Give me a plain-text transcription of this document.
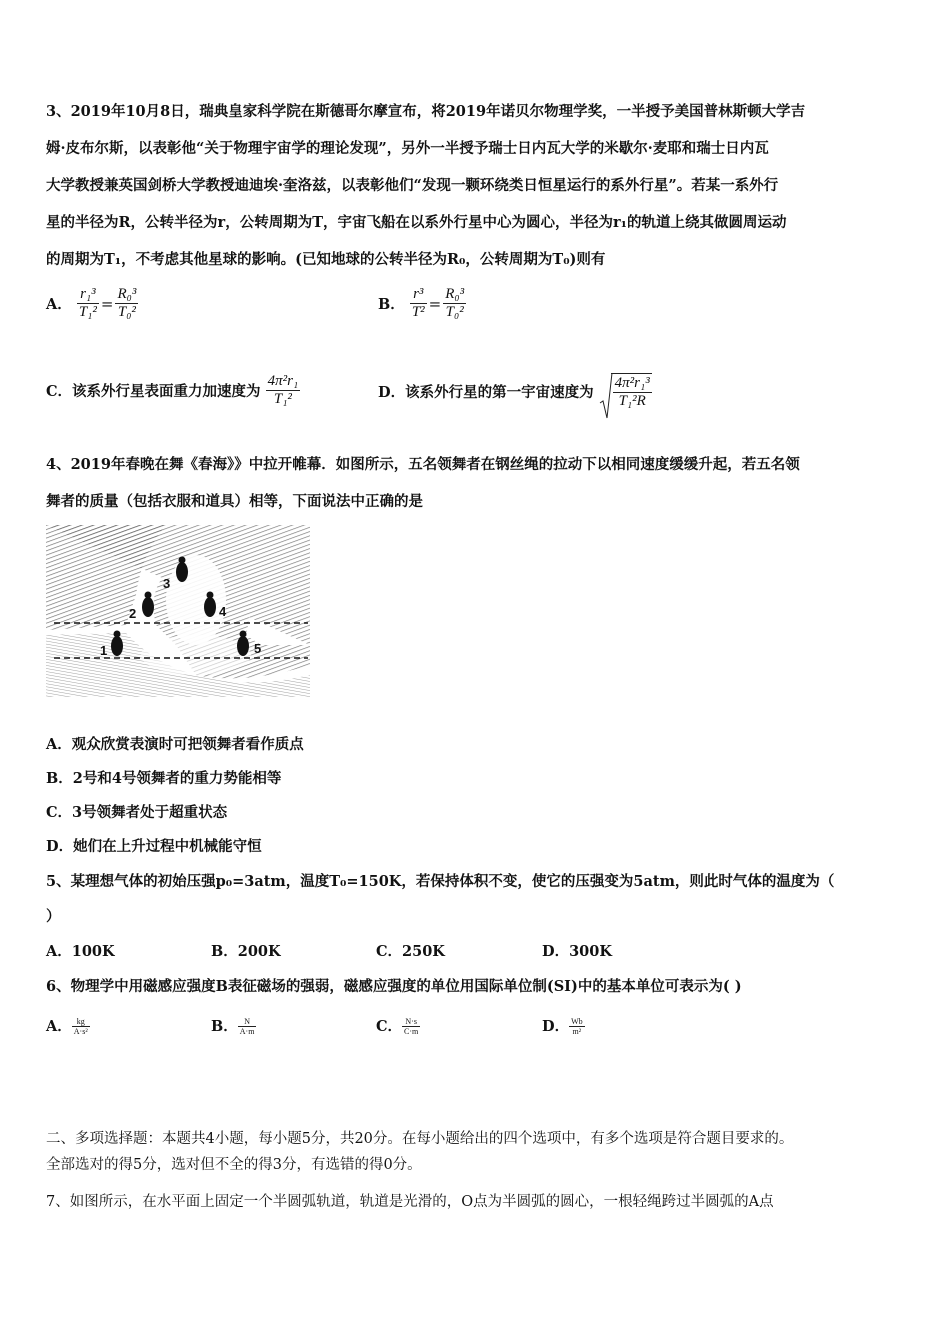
3、2019年10月8日，瑞典皇家科学院在斯德哥尔摩宣布，将2019年诺贝尔物理学奖，一半授予美国普林斯顿大学吉
姆·皮布尔斯，以表彰他“关于物理宇宙学的理论发现”，另外一半授予瑞士日内瓦大学的米歇尔·麦耶和瑞士日内瓦
大学教授兼英国剑桥大学教授迪迪埃·奎洛兹，以表彰他们“发现一颗环绕类日恒星运行的系外行星”。若某一系外行
星的半径为R，公转半径为r，公转周期为T，宇宙飞船在以系外行星中心为圆心，半径为r₁的轨道上绕其做圆周运动
的周期为T₁，不考虑其他星球的影响。(已知地球的公转半径为R₀，公转周期为T₀)则有
A． $\frac{\text{r₁³}}{\text{T₁²}} = \frac{\text{R₀³}}{\text{T₀²}}$	B． $\frac{\text{r³}}{\text{T²}} = \frac{\text{R₀³}}{\text{T₀²}}$
C．该系外行星表面重力加速度为 $\frac{\text{4π²r₁}}{\text{T₁²}}$	D．该系外行星的第一宇宙速度为 $\frac{\text{4π²r₁³}}{\text{T₁²R}}$
4、2019年春晚在舞《春海》》中拉开帷幕．如图所示，五名领舞者在钢丝绳的拉动下以相同速度缓缓升起，若五名领
舞者的质量（包括衣服和道具）相等，下面说法中正确的是
1
2
3
4
5
A．观众欣赏表演时可把领舞者看作质点
B．2号和4号领舞者的重力势能相等
C．3号领舞者处于超重状态
D．她们在上升过程中机械能守恒
5、某理想气体的初始压强p₀=3atm，温度T₀=150K，若保持体积不变，使它的压强变为5atm，则此时气体的温度为（
）
A．100K	B．200K	C．250K	D．300K
6、物理学中用磁感应强度B表征磁场的强弱，磁感应强度的单位用国际单位制(SI)中的基本单位可表示为( )
A． $\frac{kg}{\text{A·s²}}$	B． $\frac{N}{A\cdot m}$	C． $\frac{N\cdot s}{C\cdot m}$	D． $\frac{Wb}{\text{m²}}$
二、多项选择题：本题共4小题，每小题5分，共20分。在每小题给出的四个选项中，有多个选项是符合题目要求的。
全部选对的得5分，选对但不全的得3分，有选错的得0分。
7、如图所示，在水平面上固定一个半圆弧轨道，轨道是光滑的，O点为半圆弧的圆心，一根轻绳跨过半圆弧的A点
